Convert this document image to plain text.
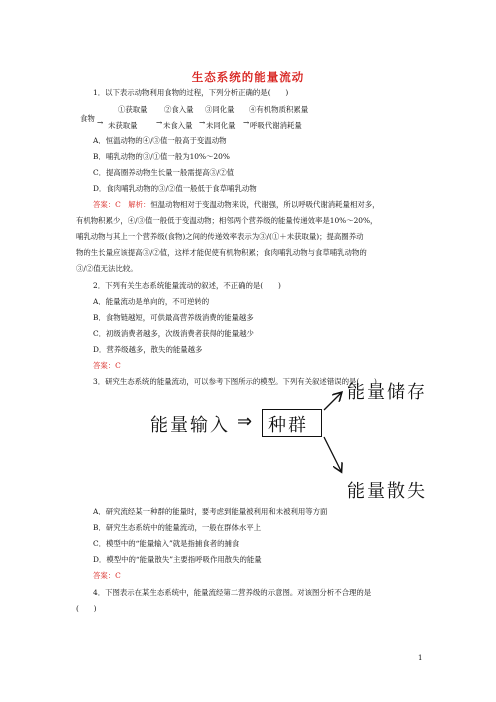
生态系统的能量流动
1．以下表示动物利用食物的过程，下列分析正确的是(　　)
食物
①获取量 ②食入量 ③同化量 ④有机物质积累量
→	→	→	→
未获取量	未食入量 未同化量 呼吸代谢消耗量
A．恒温动物的④/③值一般高于变温动物
B．哺乳动物的③/①值一般为10%～20%
C．提高圈养动物生长量一般需提高③/②值
D．食肉哺乳动物的③/②值一般低于食草哺乳动物
答案：C　解析：恒温动物相对于变温动物来说，代谢强，所以呼吸代谢消耗量相对多，
有机物积累少，④/③值一般低于变温动物；相邻两个营养级的能量传递效率是10%～20%，
哺乳动物与其上一个营养级(食物)之间的传递效率表示为③/(①＋未获取量)；提高圈养动
物的生长量应该提高③/②值，这样才能促使有机物积累；食肉哺乳动物与食草哺乳动物的
③/②值无法比较。
2．下列有关生态系统能量流动的叙述，不正确的是(　　)
A．能量流动是单向的，不可逆转的
B．食物链越短，可供最高营养级消费的能量越多
C．初级消费者越多，次级消费者获得的能量越少
D．营养级越多，散失的能量越多
答案：C
3．研究生态系统的能量流动，可以参考下图所示的模型。下列有关叙述错误的是(　　)
能量输入 ⇒ 种群
能量储存
能量散失
A．研究流经某一种群的能量时，要考虑到能量被利用和未被利用等方面
B．研究生态系统中的能量流动，一般在群体水平上
C．模型中的“能量输入”就是指捕食者的捕食
D．模型中的“能量散失”主要指呼吸作用散失的能量
答案：C
4．下图表示在某生态系统中，能量流经第二营养级的示意图。对该图分析不合理的是
(　　)
1
